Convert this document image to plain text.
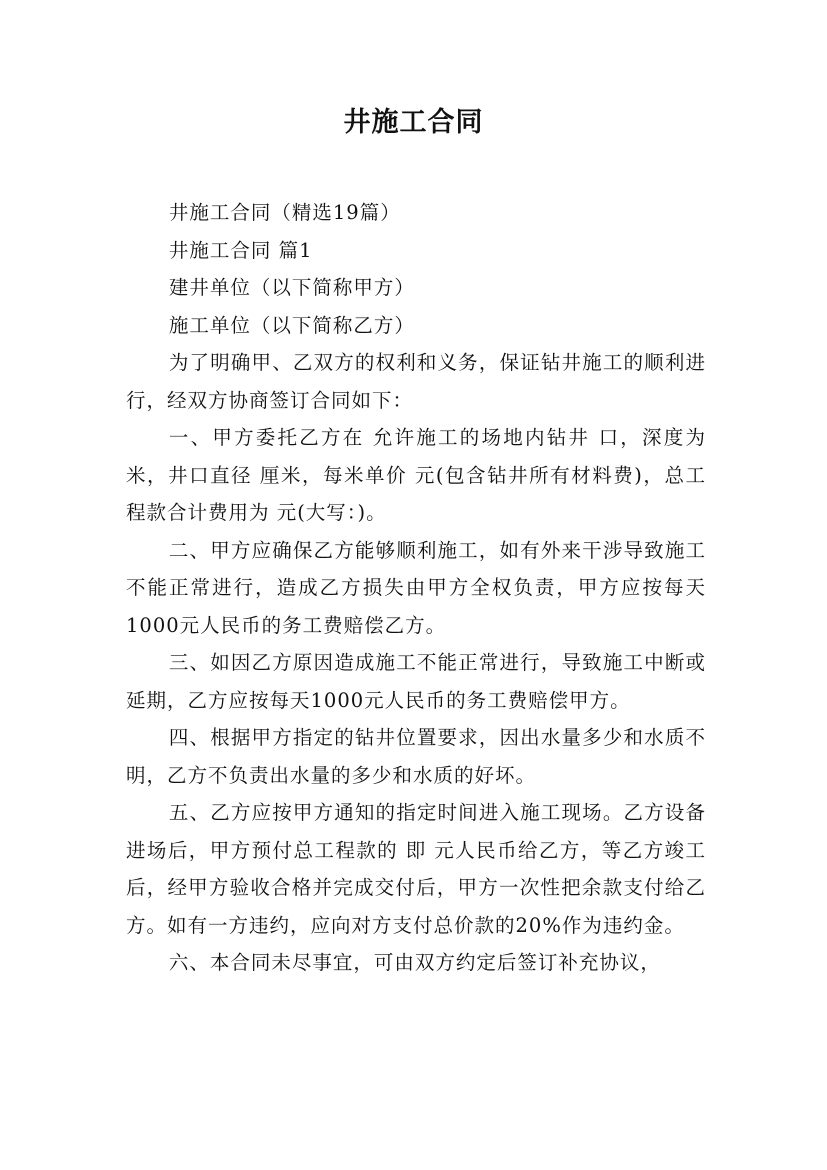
井施工合同

井施工合同（精选19篇）

井施工合同 篇1

建井单位（以下简称甲方）

施工单位（以下简称乙方）

为了明确甲、乙双方的权利和义务，保证钻井施工的顺利进行，经双方协商签订合同如下：

一、甲方委托乙方在 允许施工的场地内钻井 口，深度为 米，井口直径 厘米，每米单价 元(包含钻井所有材料费)，总工程款合计费用为 元(大写：)。

二、甲方应确保乙方能够顺利施工，如有外来干涉导致施工不能正常进行，造成乙方损失由甲方全权负责，甲方应按每天1000元人民币的务工费赔偿乙方。

三、如因乙方原因造成施工不能正常进行，导致施工中断或延期，乙方应按每天1000元人民币的务工费赔偿甲方。

四、根据甲方指定的钻井位置要求，因出水量多少和水质不明，乙方不负责出水量的多少和水质的好坏。

五、乙方应按甲方通知的指定时间进入施工现场。乙方设备进场后，甲方预付总工程款的 即 元人民币给乙方，等乙方竣工后，经甲方验收合格并完成交付后，甲方一次性把余款支付给乙方。如有一方违约，应向对方支付总价款的20%作为违约金。

六、本合同未尽事宜，可由双方约定后签订补充协议，
